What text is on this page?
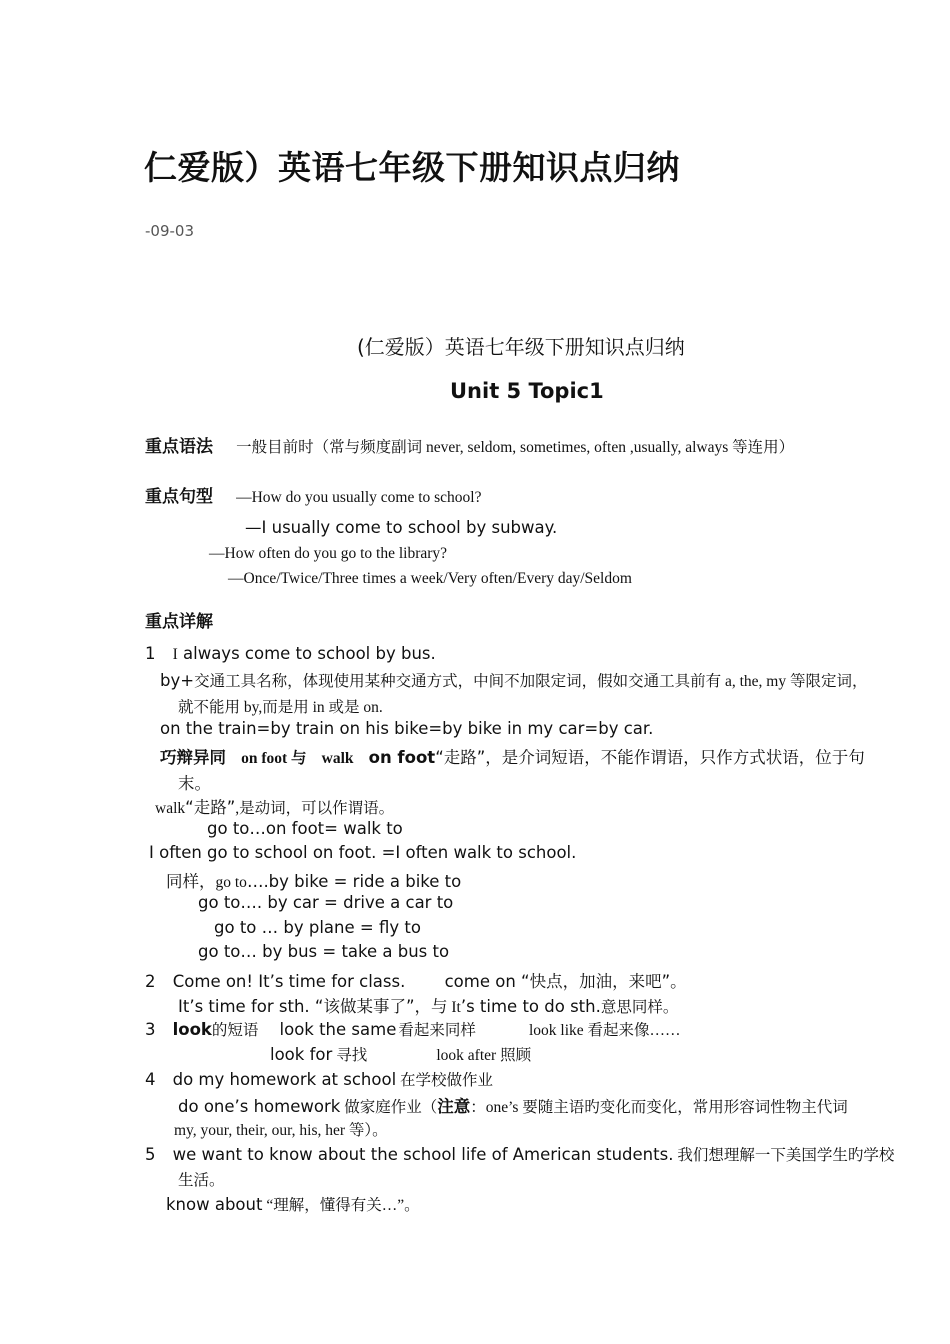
仁爱版）英语七年级下册知识点归纳
-09-03
(仁爱版）英语七年级下册知识点归纳
Unit 5 Topic1
重点语法 一般目前时（常与频度副词 never, seldom, sometimes, often ,usually, always 等连用）
重点句型 —How do you usually come to school?
—I usually come to school by subway.
—How often do you go to the library?
—Once/Twice/Three times a week/Very often/Every day/Seldom
重点详解
1 I always come to school by bus.
by+交通工具名称，体现使用某种交通方式，中间不加限定词，假如交通工具前有 a, the, my 等限定词，
就不能用 by,而是用 in 或是 on.
on the train=by train on his bike=by bike in my car=by car.
巧辩异同 on foot 与 walk on foot“走路”，是介词短语，不能作谓语，只作方式状语，位于句
末。
walk“走路”,是动词，可以作谓语。
go to…on foot= walk to
I often go to school on foot. =I often walk to school.
同样，go to….by bike = ride a bike to
go to…. by car = drive a car to
go to … by plane = fly to
go to… by bus = take a bus to
2 Come on! It’s time for class. come on “快点，加油，来吧”。
It’s time for sth. “该做某事了”，与 It’s time to do sth.意思同样。
3 look的短语 look the same 看起来同样	look like 看起来像……
look for 寻找	look after 照顾
4 do my homework at school 在学校做作业
do one’s homework 做家庭作业（注意：one’s 要随主语旳变化而变化，常用形容词性物主代词
my, your, their, our, his, her 等）。
5 we want to know about the school life of American students. 我们想理解一下美国学生旳学校
生活。
know about “理解，懂得有关…”。
